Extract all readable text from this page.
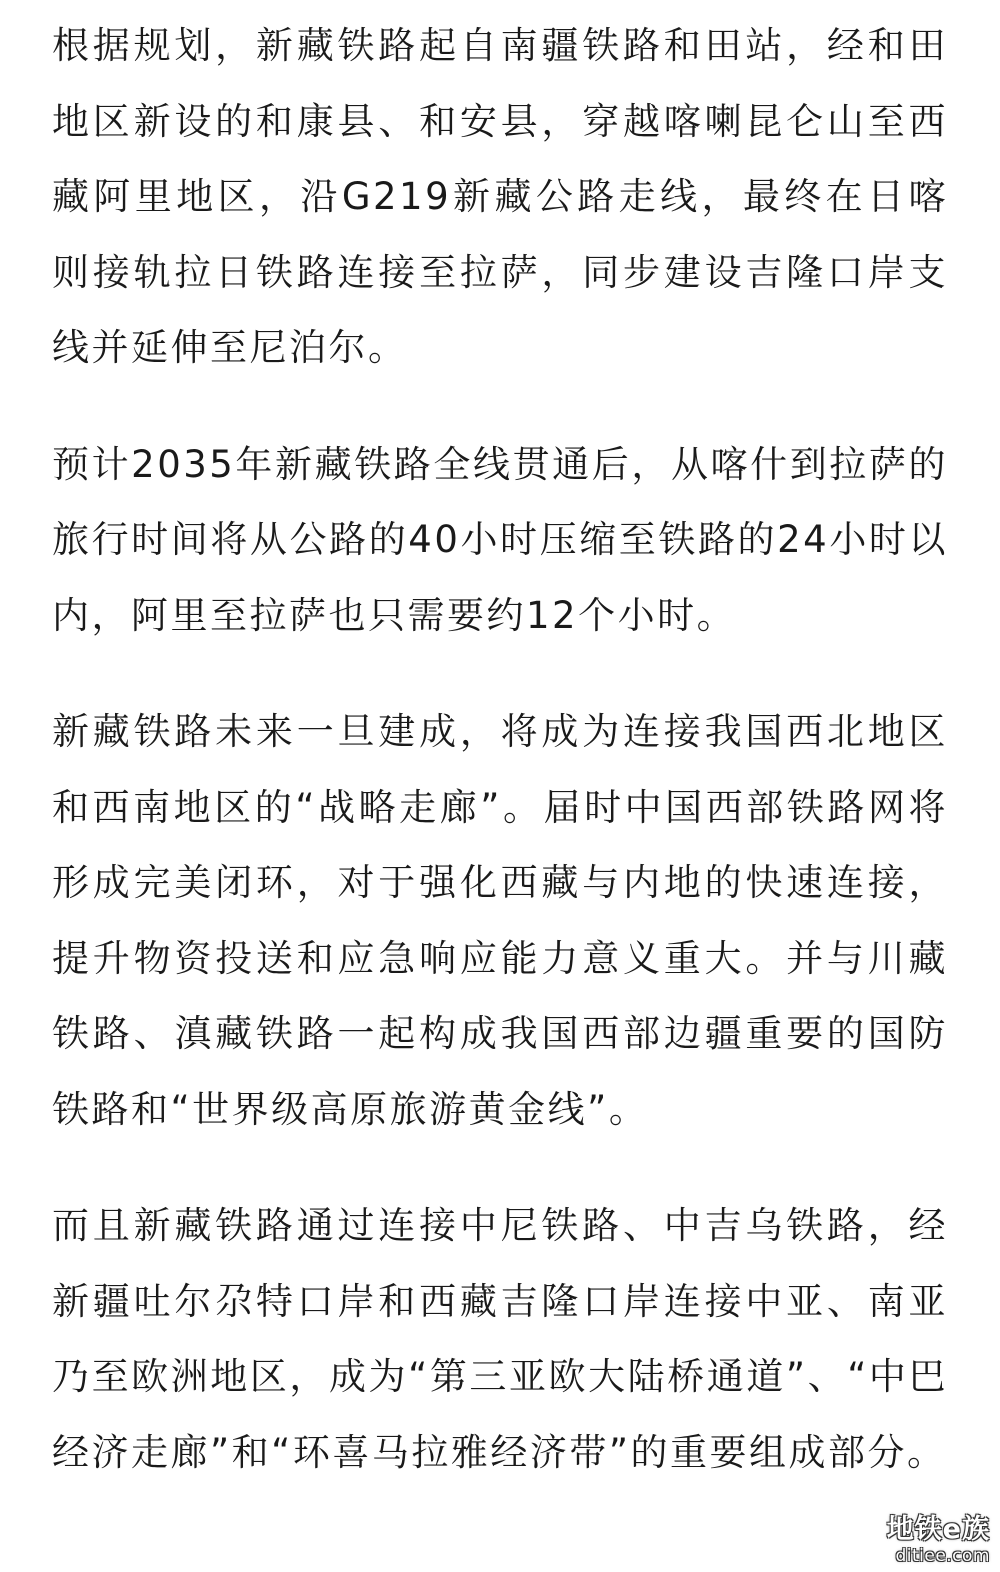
根据规划，新藏铁路起自南疆铁路和田站，经和田地区新设的和康县、和安县，穿越喀喇昆仑山至西藏阿里地区，沿G219新藏公路走线，最终在日喀则接轨拉日铁路连接至拉萨，同步建设吉隆口岸支线并延伸至尼泊尔。

预计2035年新藏铁路全线贯通后，从喀什到拉萨的旅行时间将从公路的40小时压缩至铁路的24小时以内，阿里至拉萨也只需要约12个小时。

新藏铁路未来一旦建成，将成为连接我国西北地区和西南地区的“战略走廊”。届时中国西部铁路网将形成完美闭环，对于强化西藏与内地的快速连接，提升物资投送和应急响应能力意义重大。并与川藏铁路、滇藏铁路一起构成我国西部边疆重要的国防铁路和“世界级高原旅游黄金线”。

而且新藏铁路通过连接中尼铁路、中吉乌铁路，经新疆吐尔尕特口岸和西藏吉隆口岸连接中亚、南亚乃至欧洲地区，成为“第三亚欧大陆桥通道”、“中巴经济走廊”和“环喜马拉雅经济带”的重要组成部分。

地铁e族
ditiee.com
